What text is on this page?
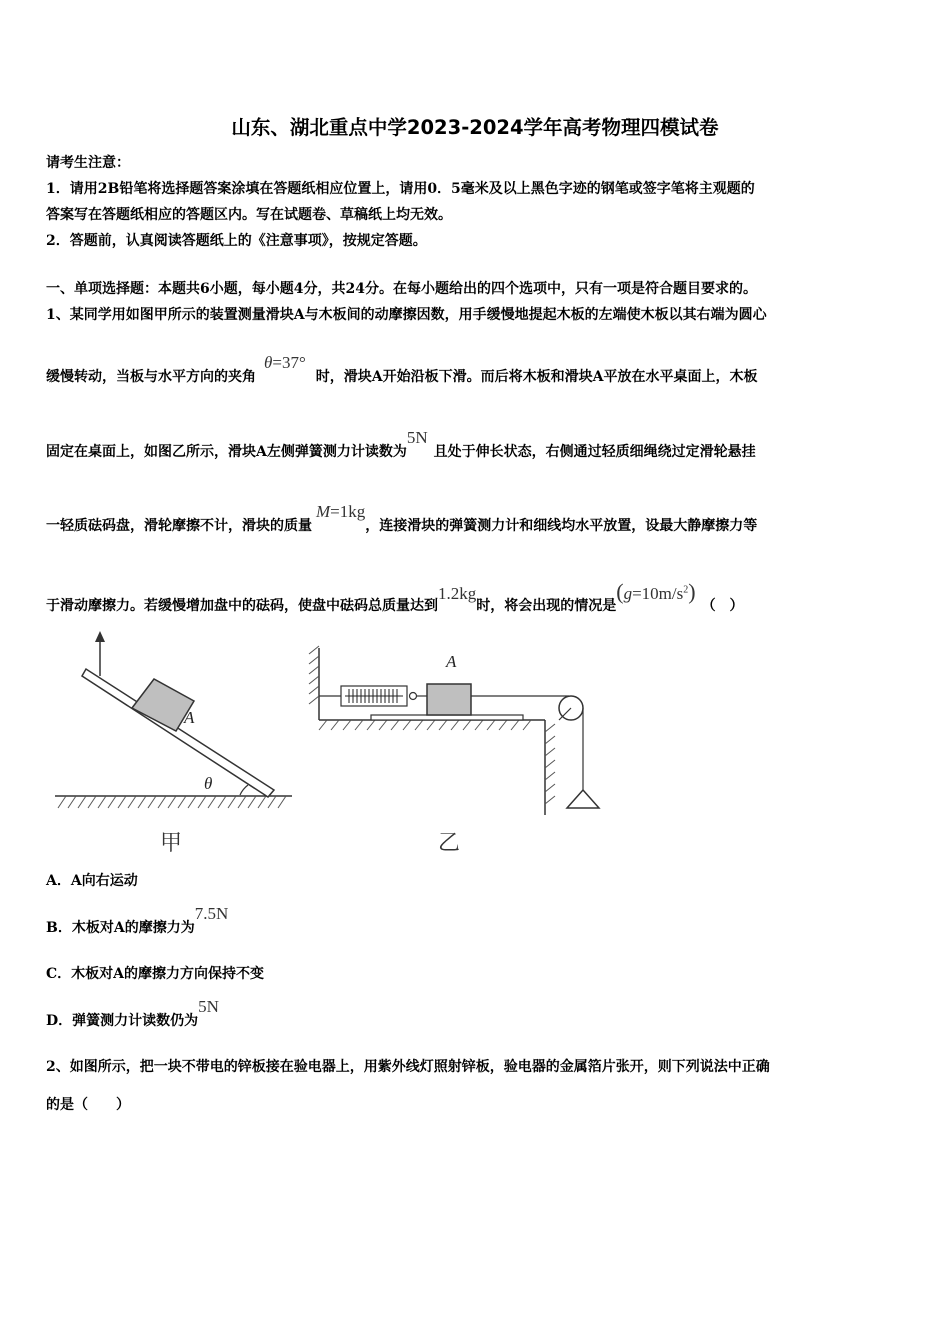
山东、湖北重点中学2023-2024学年高考物理四模试卷
请考生注意：
1．请用2B铅笔将选择题答案涂填在答题纸相应位置上，请用0．5毫米及以上黑色字迹的钢笔或签字笔将主观题的
答案写在答题纸相应的答题区内。写在试题卷、草稿纸上均无效。
2．答题前，认真阅读答题纸上的《注意事项》，按规定答题。
一、单项选择题：本题共6小题，每小题4分，共24分。在每小题给出的四个选项中，只有一项是符合题目要求的。
1、某同学用如图甲所示的装置测量滑块A与木板间的动摩擦因数，用手缓慢地提起木板的左端使木板以其右端为圆心
缓慢转动，当板与水平方向的夹角θ=37°时，滑块A开始沿板下滑。而后将木板和滑块A平放在水平桌面上，木板
固定在桌面上，如图乙所示，滑块A左侧弹簧测力计读数为5N且处于伸长状态，右侧通过轻质细绳绕过定滑轮悬挂
一轻质砝码盘，滑轮摩擦不计，滑块的质量M=1kg，连接滑块的弹簧测力计和细线均水平放置，设最大静摩擦力等
于滑动摩擦力。若缓慢增加盘中的砝码，使盘中砝码总质量达到1.2kg时，将会出现的情况是$(g=10m/s^2)$（　）
A
θ
甲
A
乙
A．A向右运动
B．木板对A的摩擦力为7.5N
C．木板对A的摩擦力方向保持不变
D．弹簧测力计读数仍为5N
2、如图所示，把一块不带电的锌板接在验电器上，用紫外线灯照射锌板，验电器的金属箔片张开，则下列说法中正确
的是（　　）
